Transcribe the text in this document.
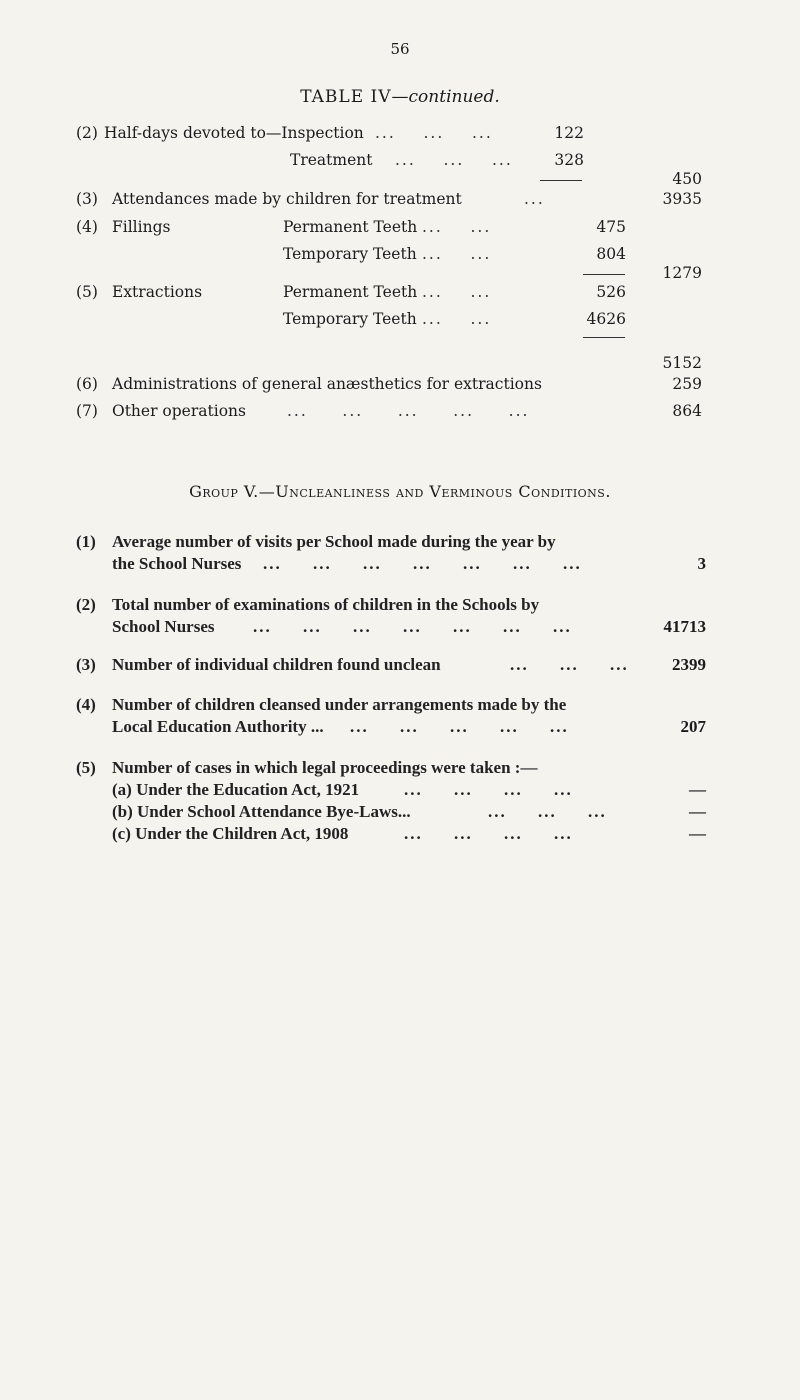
56
TABLE IV—continued.
(2) Half-days devoted to—Inspection ...    ...    ...	122
Treatment ...    ...    ...	328
450
(3) Attendances made by children for treatment	...	3935
(4) Fillings	Permanent Teeth ...    ...	475
Temporary Teeth ...    ...	804
1279
(5) Extractions	Permanent Teeth ...    ...	526
Temporary Teeth ...    ...	4626
5152
(6) Administrations of general anæsthetics for extractions	259
(7) Other operations	...     ...     ...     ...     ...	864
Group V.—Uncleanliness and Verminous Conditions.
(1) Average number of visits per School made during the year by
the School Nurses ...     ...     ...     ...     ...     ...     ...	3
(2) Total number of examinations of children in the Schools by
School Nurses ...     ...     ...     ...     ...     ...     ...	41713
(3) Number of individual children found unclean	...     ...     ...	2399
(4) Number of children cleansed under arrangements made by the
Local Education Authority ... ...     ...     ...     ...     ...	207
(5) Number of cases in which legal proceedings were taken :—
(a) Under the Education Act, 1921	...     ...     ...     ...	—
(b) Under School Attendance Bye-Laws...	...     ...     ...	—
(c) Under the Children Act, 1908	...     ...     ...     ...	—
